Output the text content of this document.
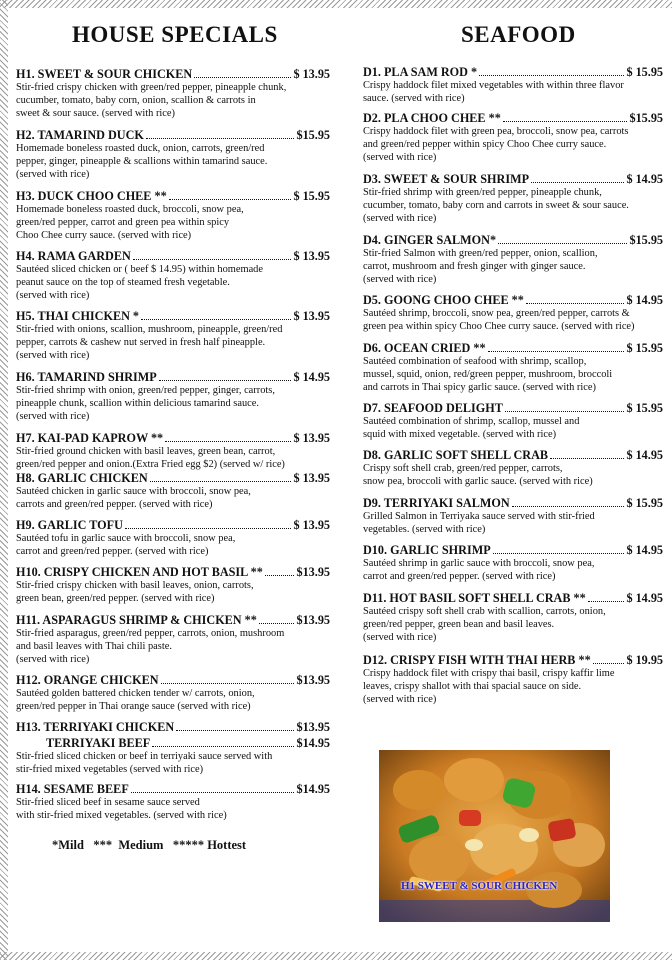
HOUSE SPECIALS
H1. SWEET & SOUR CHICKEN	$ 13.95
Stir-fried crispy chicken with green/red pepper, pineapple chunk,
cucumber, tomato, baby corn, onion, scallion & carrots in
sweet & sour sauce. (served with rice)
H2. TAMARIND DUCK	$15.95
Homemade boneless roasted duck, onion, carrots, green/red
pepper, ginger, pineapple & scallions within tamarind sauce.
(served with rice)
H3. DUCK CHOO CHEE **	$ 15.95
Homemade boneless roasted duck, broccoli, snow pea,
green/red pepper, carrot and green pea within spicy
Choo Chee curry sauce. (served with rice)
H4. RAMA GARDEN	$ 13.95
Sautéed sliced chicken or ( beef $ 14.95) within homemade
peanut sauce on the top of steamed fresh vegetable.
(served with rice)
H5. THAI CHICKEN *	$ 13.95
Stir-fried with onions, scallion, mushroom, pineapple, green/red
pepper, carrots & cashew nut served in fresh half pineapple.
(served with rice)
H6. TAMARIND SHRIMP	$ 14.95
Stir-fried shrimp with onion, green/red pepper, ginger, carrots,
pineapple chunk, scallion within delicious tamarind sauce.
(served with rice)
H7. KAI-PAD KAPROW **	$ 13.95
Stir-fried ground chicken with basil leaves, green bean, carrot,
green/red pepper and onion.(Extra Fried egg $2) (served w/ rice)
H8. GARLIC CHICKEN	$ 13.95
Sautéed chicken in garlic sauce with broccoli, snow pea,
carrots and green/red pepper. (served with rice)
H9. GARLIC TOFU	$ 13.95
Sautéed tofu in garlic sauce with broccoli, snow pea,
carrot and green/red pepper. (served with rice)
H10. CRISPY CHICKEN AND HOT BASIL **	$13.95
Stir-fried crispy chicken with basil leaves, onion, carrots,
green bean, green/red pepper. (served with rice)
H11. ASPARAGUS SHRIMP & CHICKEN **	$13.95
Stir-fried asparagus, green/red pepper, carrots, onion, mushroom
and basil leaves with Thai chili paste.
(served with rice)
H12. ORANGE CHICKEN	$13.95
Sautéed golden battered chicken tender w/ carrots, onion,
green/red pepper in Thai orange sauce (served with rice)
H13. TERRIYAKI CHICKEN	$13.95
TERRIYAKI BEEF	$14.95
Stir-fried sliced chicken or beef in terriyaki sauce served with
stir-fried mixed vegetables (served with rice)
H14. SESAME BEEF	$14.95
Stir-fried sliced beef in sesame sauce served
with stir-fried mixed vegetables. (served with rice)
*Mild   ***  Medium   ***** Hottest
SEAFOOD
D1. PLA SAM ROD *	$ 15.95
Crispy haddock filet mixed vegetables with within three flavor
sauce. (served with rice)
D2. PLA CHOO CHEE **	$15.95
Crispy haddock filet with green pea, broccoli, snow pea, carrots
and green/red pepper within spicy Choo Chee curry sauce.
(served with rice)
D3. SWEET & SOUR SHRIMP	$ 14.95
Stir-fried shrimp with green/red pepper, pineapple chunk,
cucumber, tomato, baby corn and carrots in sweet & sour sauce.
(served with rice)
D4. GINGER SALMON*	$15.95
Stir-fried Salmon with green/red pepper, onion, scallion,
carrot, mushroom and fresh ginger with ginger sauce.
(served with rice)
D5. GOONG CHOO CHEE **	$ 14.95
Sautéed shrimp, broccoli, snow pea, green/red pepper, carrots &
green pea within spicy Choo Chee curry sauce. (served with rice)
D6. OCEAN CRIED **	$ 15.95
Sautéed combination of seafood with shrimp, scallop,
mussel, squid, onion, red/green pepper, mushroom, broccoli
and carrots in Thai spicy garlic sauce. (served with rice)
D7. SEAFOOD DELIGHT	$ 15.95
Sautéed combination of shrimp, scallop, mussel and
squid with mixed vegetable. (served with rice)
D8. GARLIC SOFT SHELL CRAB	$ 14.95
Crispy soft shell crab, green/red pepper, carrots,
snow pea, broccoli with garlic sauce. (served with rice)
D9. TERRIYAKI SALMON	$ 15.95
Grilled Salmon in Terriyaka sauce served with stir-fried
vegetables. (served with rice)
D10. GARLIC SHRIMP	$ 14.95
Sautéed shrimp in garlic sauce with broccoli, snow pea,
carrot and green/red pepper. (served with rice)
D11. HOT BASIL SOFT SHELL CRAB **	$ 14.95
Sautéed crispy soft shell crab with scallion, carrots, onion,
green/red pepper, green bean and basil leaves.
(served with rice)
D12. CRISPY FISH WITH THAI HERB **	$ 19.95
Crispy haddock filet with crispy thai basil, crispy kaffir lime
leaves, crispy shallot with thai spacial sauce on side.
(served with rice)
H1 SWEET & SOUR CHICKEN
